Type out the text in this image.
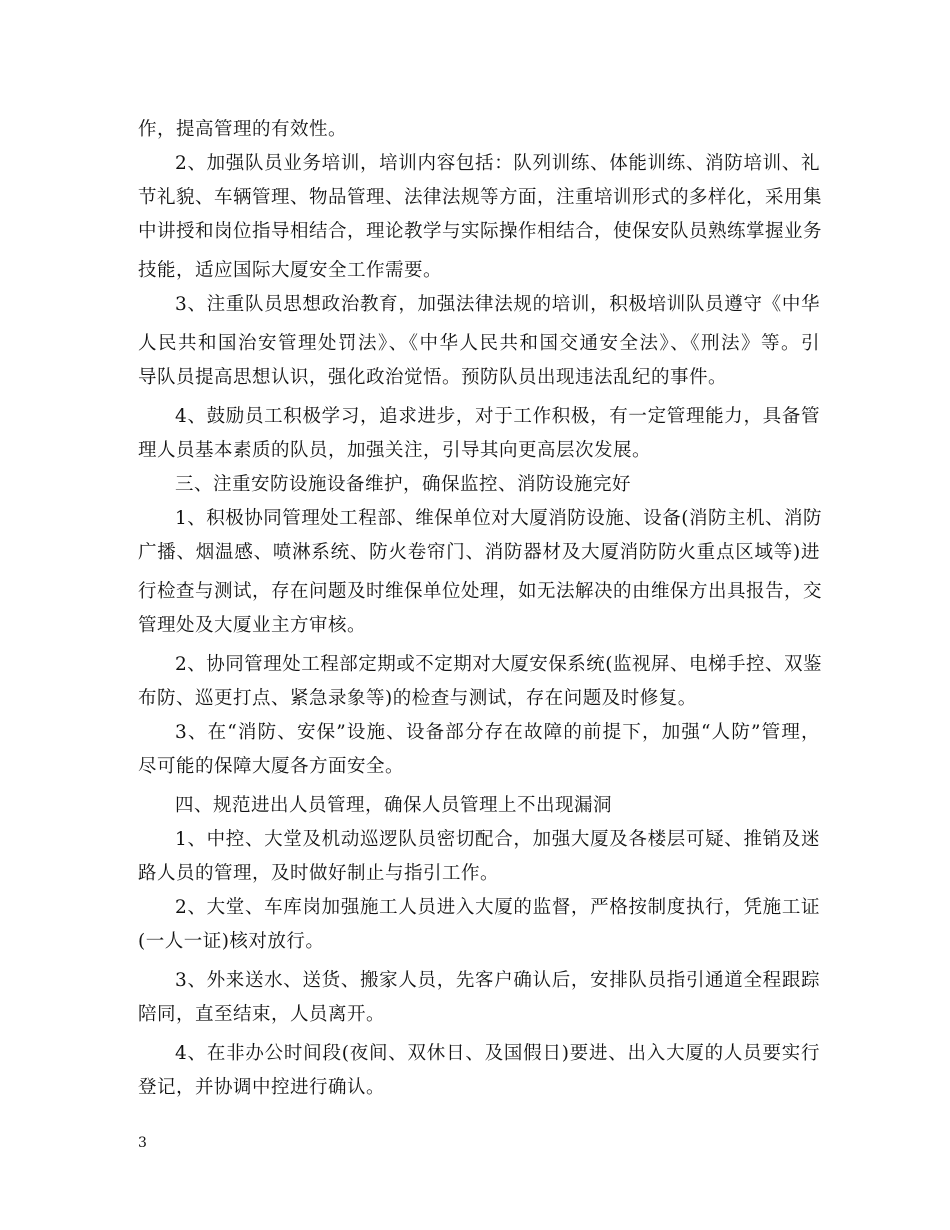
作，提高管理的有效性。
2、加强队员业务培训，培训内容包括：队列训练、体能训练、消防培训、礼
节礼貌、车辆管理、物品管理、法律法规等方面，注重培训形式的多样化，采用集
中讲授和岗位指导相结合，理论教学与实际操作相结合，使保安队员熟练掌握业务
技能，适应国际大厦安全工作需要。
3、注重队员思想政治教育，加强法律法规的培训，积极培训队员遵守《中华
人民共和国治安管理处罚法》、《中华人民共和国交通安全法》、《刑法》等。引
导队员提高思想认识，强化政治觉悟。预防队员出现违法乱纪的事件。
4、鼓励员工积极学习，追求进步，对于工作积极，有一定管理能力，具备管
理人员基本素质的队员，加强关注，引导其向更高层次发展。
三、注重安防设施设备维护，确保监控、消防设施完好
1、积极协同管理处工程部、维保单位对大厦消防设施、设备(消防主机、消防
广播、烟温感、喷淋系统、防火卷帘门、消防器材及大厦消防防火重点区域等)进
行检查与测试，存在问题及时维保单位处理，如无法解决的由维保方出具报告，交
管理处及大厦业主方审核。
2、协同管理处工程部定期或不定期对大厦安保系统(监视屏、电梯手控、双鉴
布防、巡更打点、紧急录象等)的检查与测试，存在问题及时修复。
3、在“消防、安保”设施、设备部分存在故障的前提下，加强“人防”管理，
尽可能的保障大厦各方面安全。
四、规范进出人员管理，确保人员管理上不出现漏洞
1、中控、大堂及机动巡逻队员密切配合，加强大厦及各楼层可疑、推销及迷
路人员的管理，及时做好制止与指引工作。
2、大堂、车库岗加强施工人员进入大厦的监督，严格按制度执行，凭施工证
(一人一证)核对放行。
3、外来送水、送货、搬家人员，先客户确认后，安排队员指引通道全程跟踪
陪同，直至结束，人员离开。
4、在非办公时间段(夜间、双休日、及国假日)要进、出入大厦的人员要实行
登记，并协调中控进行确认。
3
